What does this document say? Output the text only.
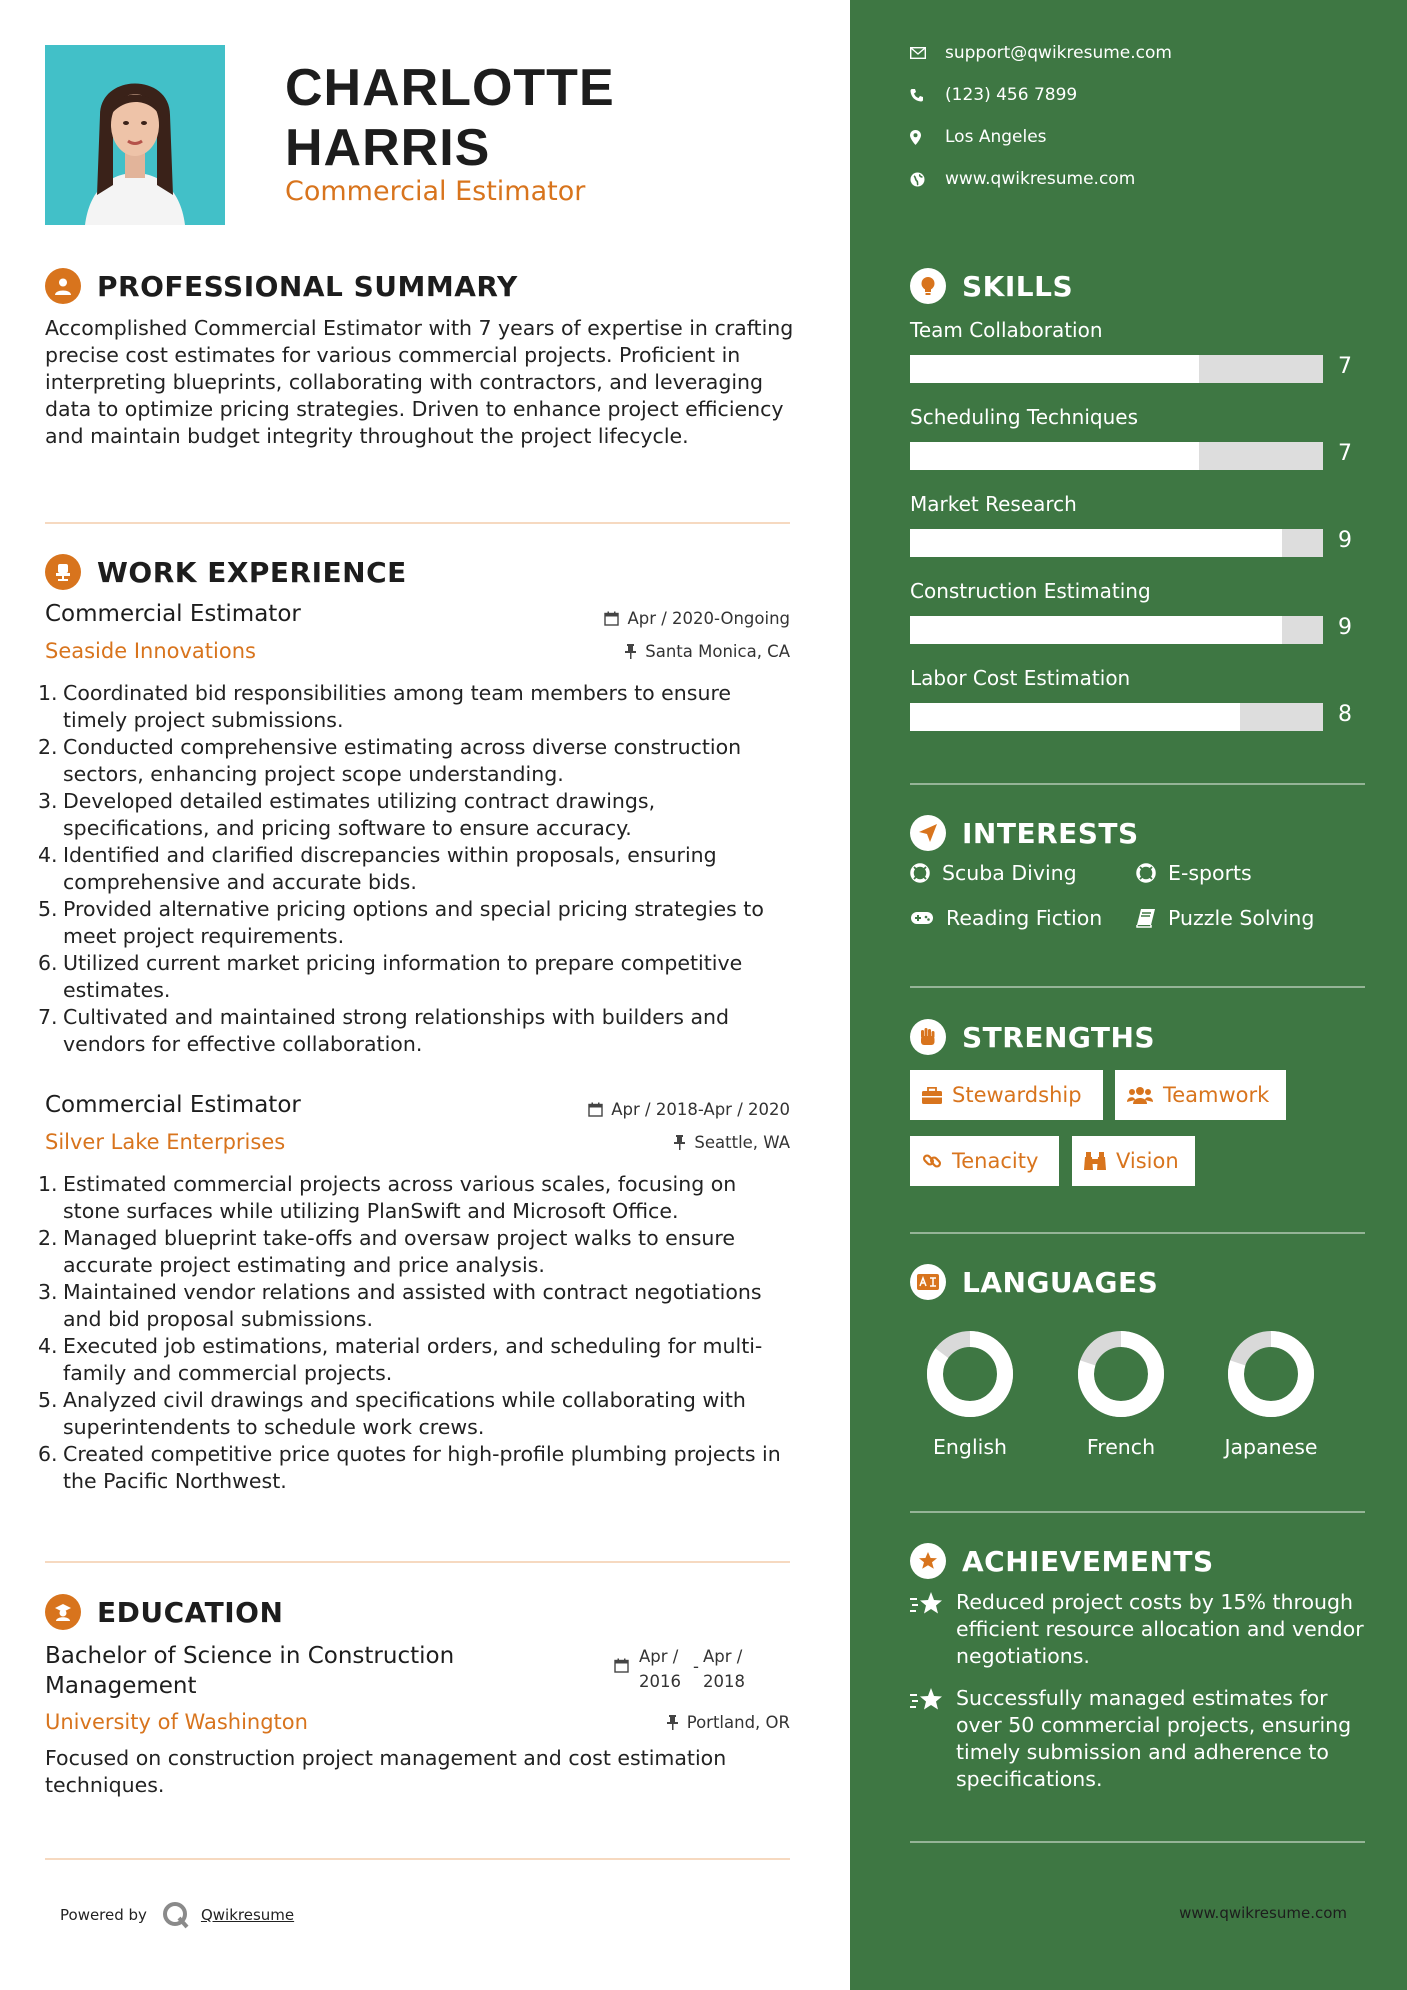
CHARLOTTE
HARRIS
Commercial Estimator
PROFESSIONAL SUMMARY
Accomplished Commercial Estimator with 7 years of expertise in crafting precise cost estimates for various commercial projects. Proficient in interpreting blueprints, collaborating with contractors, and leveraging data to optimize pricing strategies. Driven to enhance project efficiency and maintain budget integrity throughout the project lifecycle.
WORK EXPERIENCE
Commercial Estimator
Seaside Innovations
Apr / 2020-Ongoing
Santa Monica, CA
1. Coordinated bid responsibilities among team members to ensure timely project submissions.
2. Conducted comprehensive estimating across diverse construction sectors, enhancing project scope understanding.
3. Developed detailed estimates utilizing contract drawings, specifications, and pricing software to ensure accuracy.
4. Identified and clarified discrepancies within proposals, ensuring comprehensive and accurate bids.
5. Provided alternative pricing options and special pricing strategies to meet project requirements.
6. Utilized current market pricing information to prepare competitive estimates.
7. Cultivated and maintained strong relationships with builders and vendors for effective collaboration.
Commercial Estimator
Silver Lake Enterprises
Apr / 2018-Apr / 2020
Seattle, WA
1. Estimated commercial projects across various scales, focusing on stone surfaces while utilizing PlanSwift and Microsoft Office.
2. Managed blueprint take-offs and oversaw project walks to ensure accurate project estimating and price analysis.
3. Maintained vendor relations and assisted with contract negotiations and bid proposal submissions.
4. Executed job estimations, material orders, and scheduling for multi-family and commercial projects.
5. Analyzed civil drawings and specifications while collaborating with superintendents to schedule work crews.
6. Created competitive price quotes for high-profile plumbing projects in the Pacific Northwest.
EDUCATION
Bachelor of Science in Construction
Management
University of Washington
Apr /
2016
-
Apr /
2018
Portland, OR
Focused on construction project management and cost estimation techniques.
Powered by	Qwikresume
support@qwikresume.com
(123) 456 7899
Los Angeles
www.qwikresume.com
SKILLS
Team Collaboration
7
Scheduling Techniques
7
Market Research
9
Construction Estimating
9
Labor Cost Estimation
8
INTERESTS
Scuba Diving	E-sports
Reading Fiction	Puzzle Solving
STRENGTHS
Stewardship	Teamwork
Tenacity	Vision
LANGUAGES
English	French	Japanese
ACHIEVEMENTS
Reduced project costs by 15% through efficient resource allocation and vendor negotiations.
Successfully managed estimates for over 50 commercial projects, ensuring timely submission and adherence to specifications.
www.qwikresume.com
